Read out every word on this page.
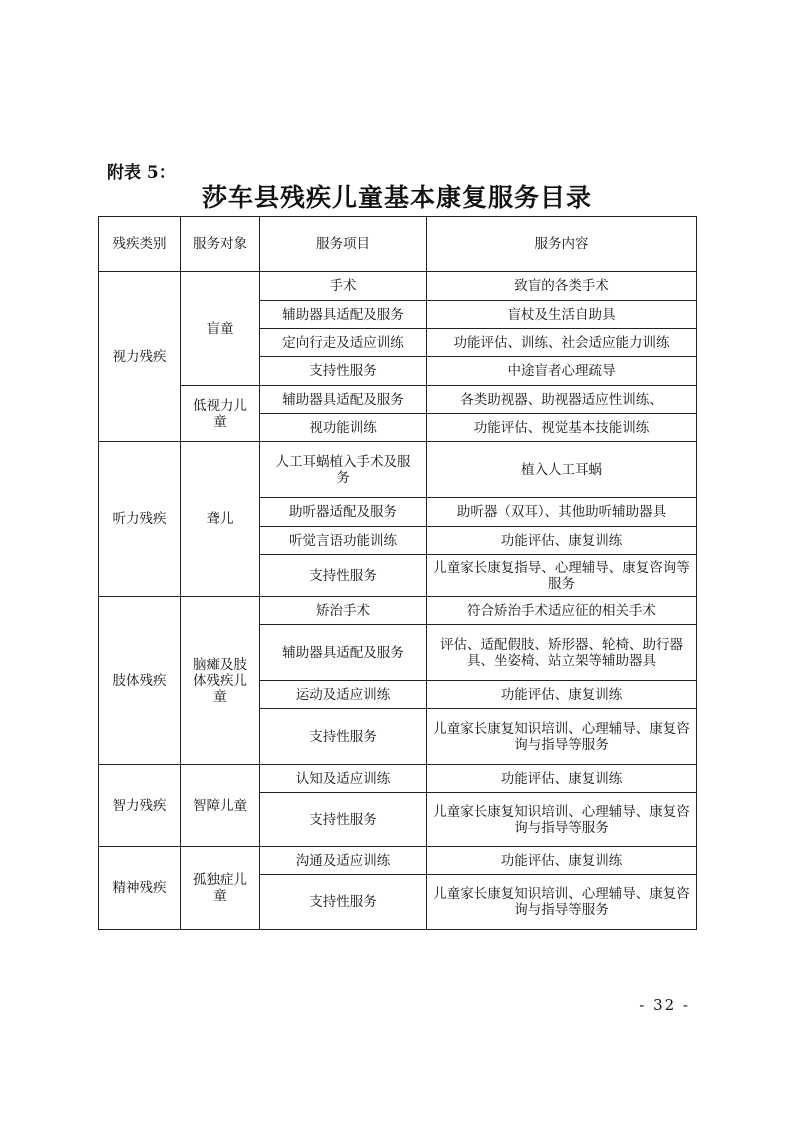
附表 5：
莎车县残疾儿童基本康复服务目录
残疾类别	服务对象	服务项目	服务内容
视力残疾	盲童	手术	致盲的各类手术
		辅助器具适配及服务	盲杖及生活自助具
		定向行走及适应训练	功能评估、训练、社会适应能力训练
		支持性服务	中途盲者心理疏导
	低视力儿童	辅助器具适配及服务	各类助视器、助视器适应性训练、
		视功能训练	功能评估、视觉基本技能训练
听力残疾	聋儿	人工耳蜗植入手术及服务	植入人工耳蜗
		助听器适配及服务	助听器（双耳）、其他助听辅助器具
		听觉言语功能训练	功能评估、康复训练
		支持性服务	儿童家长康复指导、心理辅导、康复咨询等服务
肢体残疾	脑瘫及肢体残疾儿童	矫治手术	符合矫治手术适应征的相关手术
		辅助器具适配及服务	评估、适配假肢、矫形器、轮椅、助行器具、坐姿椅、站立架等辅助器具
		运动及适应训练	功能评估、康复训练
		支持性服务	儿童家长康复知识培训、心理辅导、康复咨询与指导等服务
智力残疾	智障儿童	认知及适应训练	功能评估、康复训练
		支持性服务	儿童家长康复知识培训、心理辅导、康复咨询与指导等服务
精神残疾	孤独症儿童	沟通及适应训练	功能评估、康复训练
		支持性服务	儿童家长康复知识培训、心理辅导、康复咨询与指导等服务
- 32 -
